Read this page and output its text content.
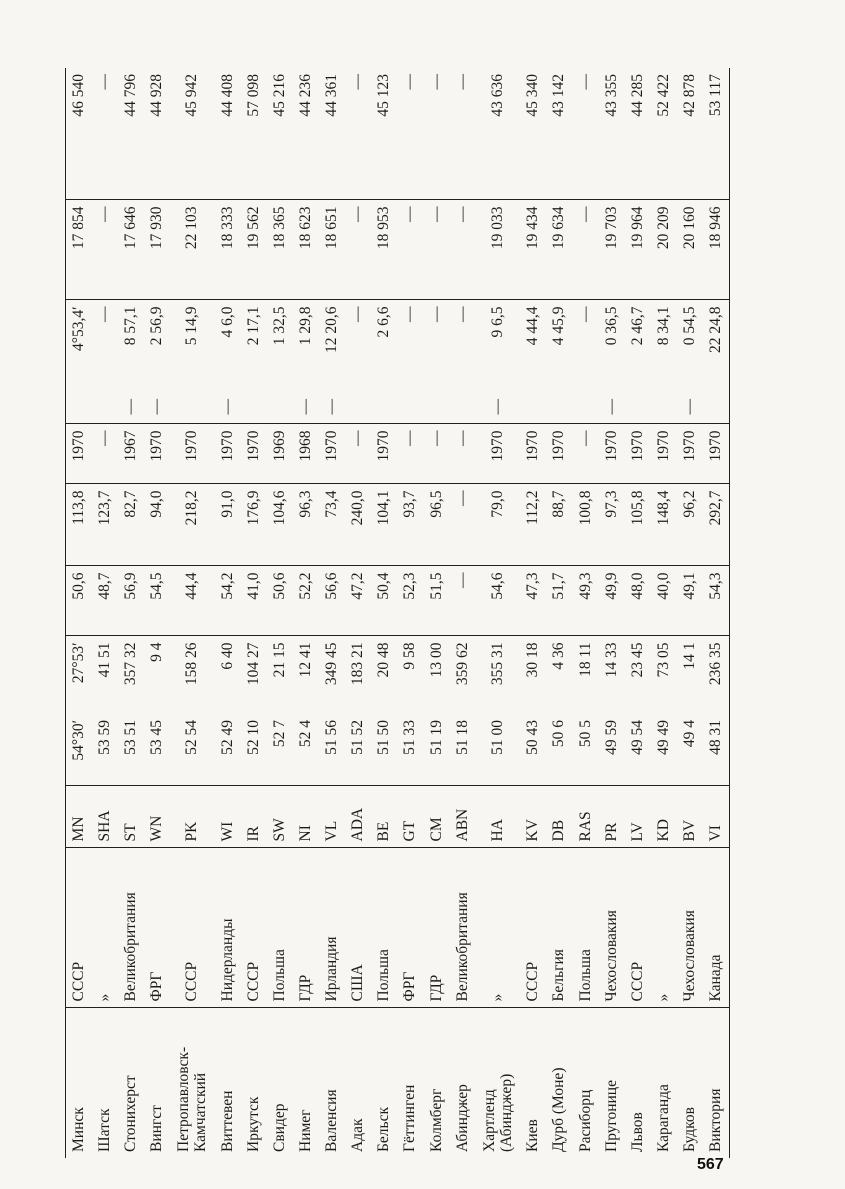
Минск	СССР	MN	54°30′	27°53′	50,6	113,8	1970		4°53,4′	17 854	46 540
Шатск	»	SHA	53 59	41 51	48,7	123,7	—		—	—	—
Стонихерст	Великобритания	ST	53 51	357 32	56,9	82,7	1967	—	8 57,1	17 646	44 796
Вингст	ФРГ	WN	53 45	9 4	54,5	94,0	1970	—	2 56,9	17 930	44 928
Петропавловск-Камчатский	СССР	PK	52 54	158 26	44,4	218,2	1970		5 14,9	22 103	45 942
Виттевен	Нидерланды	WI	52 49	6 40	54,2	91,0	1970	—	4 6,0	18 333	44 408
Иркутск	СССР	IR	52 10	104 27	41,0	176,9	1970		2 17,1	19 562	57 098
Свидер	Польша	SW	52 7	21 15	50,6	104,6	1969		1 32,5	18 365	45 216
Нимег	ГДР	NI	52 4	12 41	52,2	96,3	1968	—	1 29,8	18 623	44 236
Валенсия	Ирландия	VL	51 56	349 45	56,6	73,4	1970	—	12 20,6	18 651	44 361
Адак	США	ADA	51 52	183 21	47,2	240,0	—		—	—	—
Бельск	Польша	BE	51 50	20 48	50,4	104,1	1970		2 6,6	18 953	45 123
Гёттинген	ФРГ	GT	51 33	9 58	52,3	93,7	—		—	—	—
Колмберг	ГДР	CM	51 19	13 00	51,5	96,5	—		—	—	—
Абинджер	Великобритания	ABN	51 18	359 62	—	—	—		—	—	—
Хартленд (Абинджер)	»	HA	51 00	355 31	54,6	79,0	1970	—	9 6,5	19 033	43 636
Киев	СССР	KV	50 43	30 18	47,3	112,2	1970		4 44,4	19 434	45 340
Дурб (Моне)	Бельгия	DB	50 6	4 36	51,7	88,7	1970		4 45,9	19 634	43 142
Расиборц	Польша	RAS	50 5	18 11	49,3	100,8	—		—	—	—
Пругонице	Чехословакия	PR	49 59	14 33	49,9	97,3	1970	—	0 36,5	19 703	43 355
Львов	СССР	LV	49 54	23 45	48,0	105,8	1970		2 46,7	19 964	44 285
Караганда	»	KD	49 49	73 05	40,0	148,4	1970		8 34,1	20 209	52 422
Будков	Чехословакия	BV	49 4	14 1	49,1	96,2	1970	—	0 54,5	20 160	42 878
Виктория	Канада	VI	48 31	236 35	54,3	292,7	1970		22 24,8	18 946	53 117
567
